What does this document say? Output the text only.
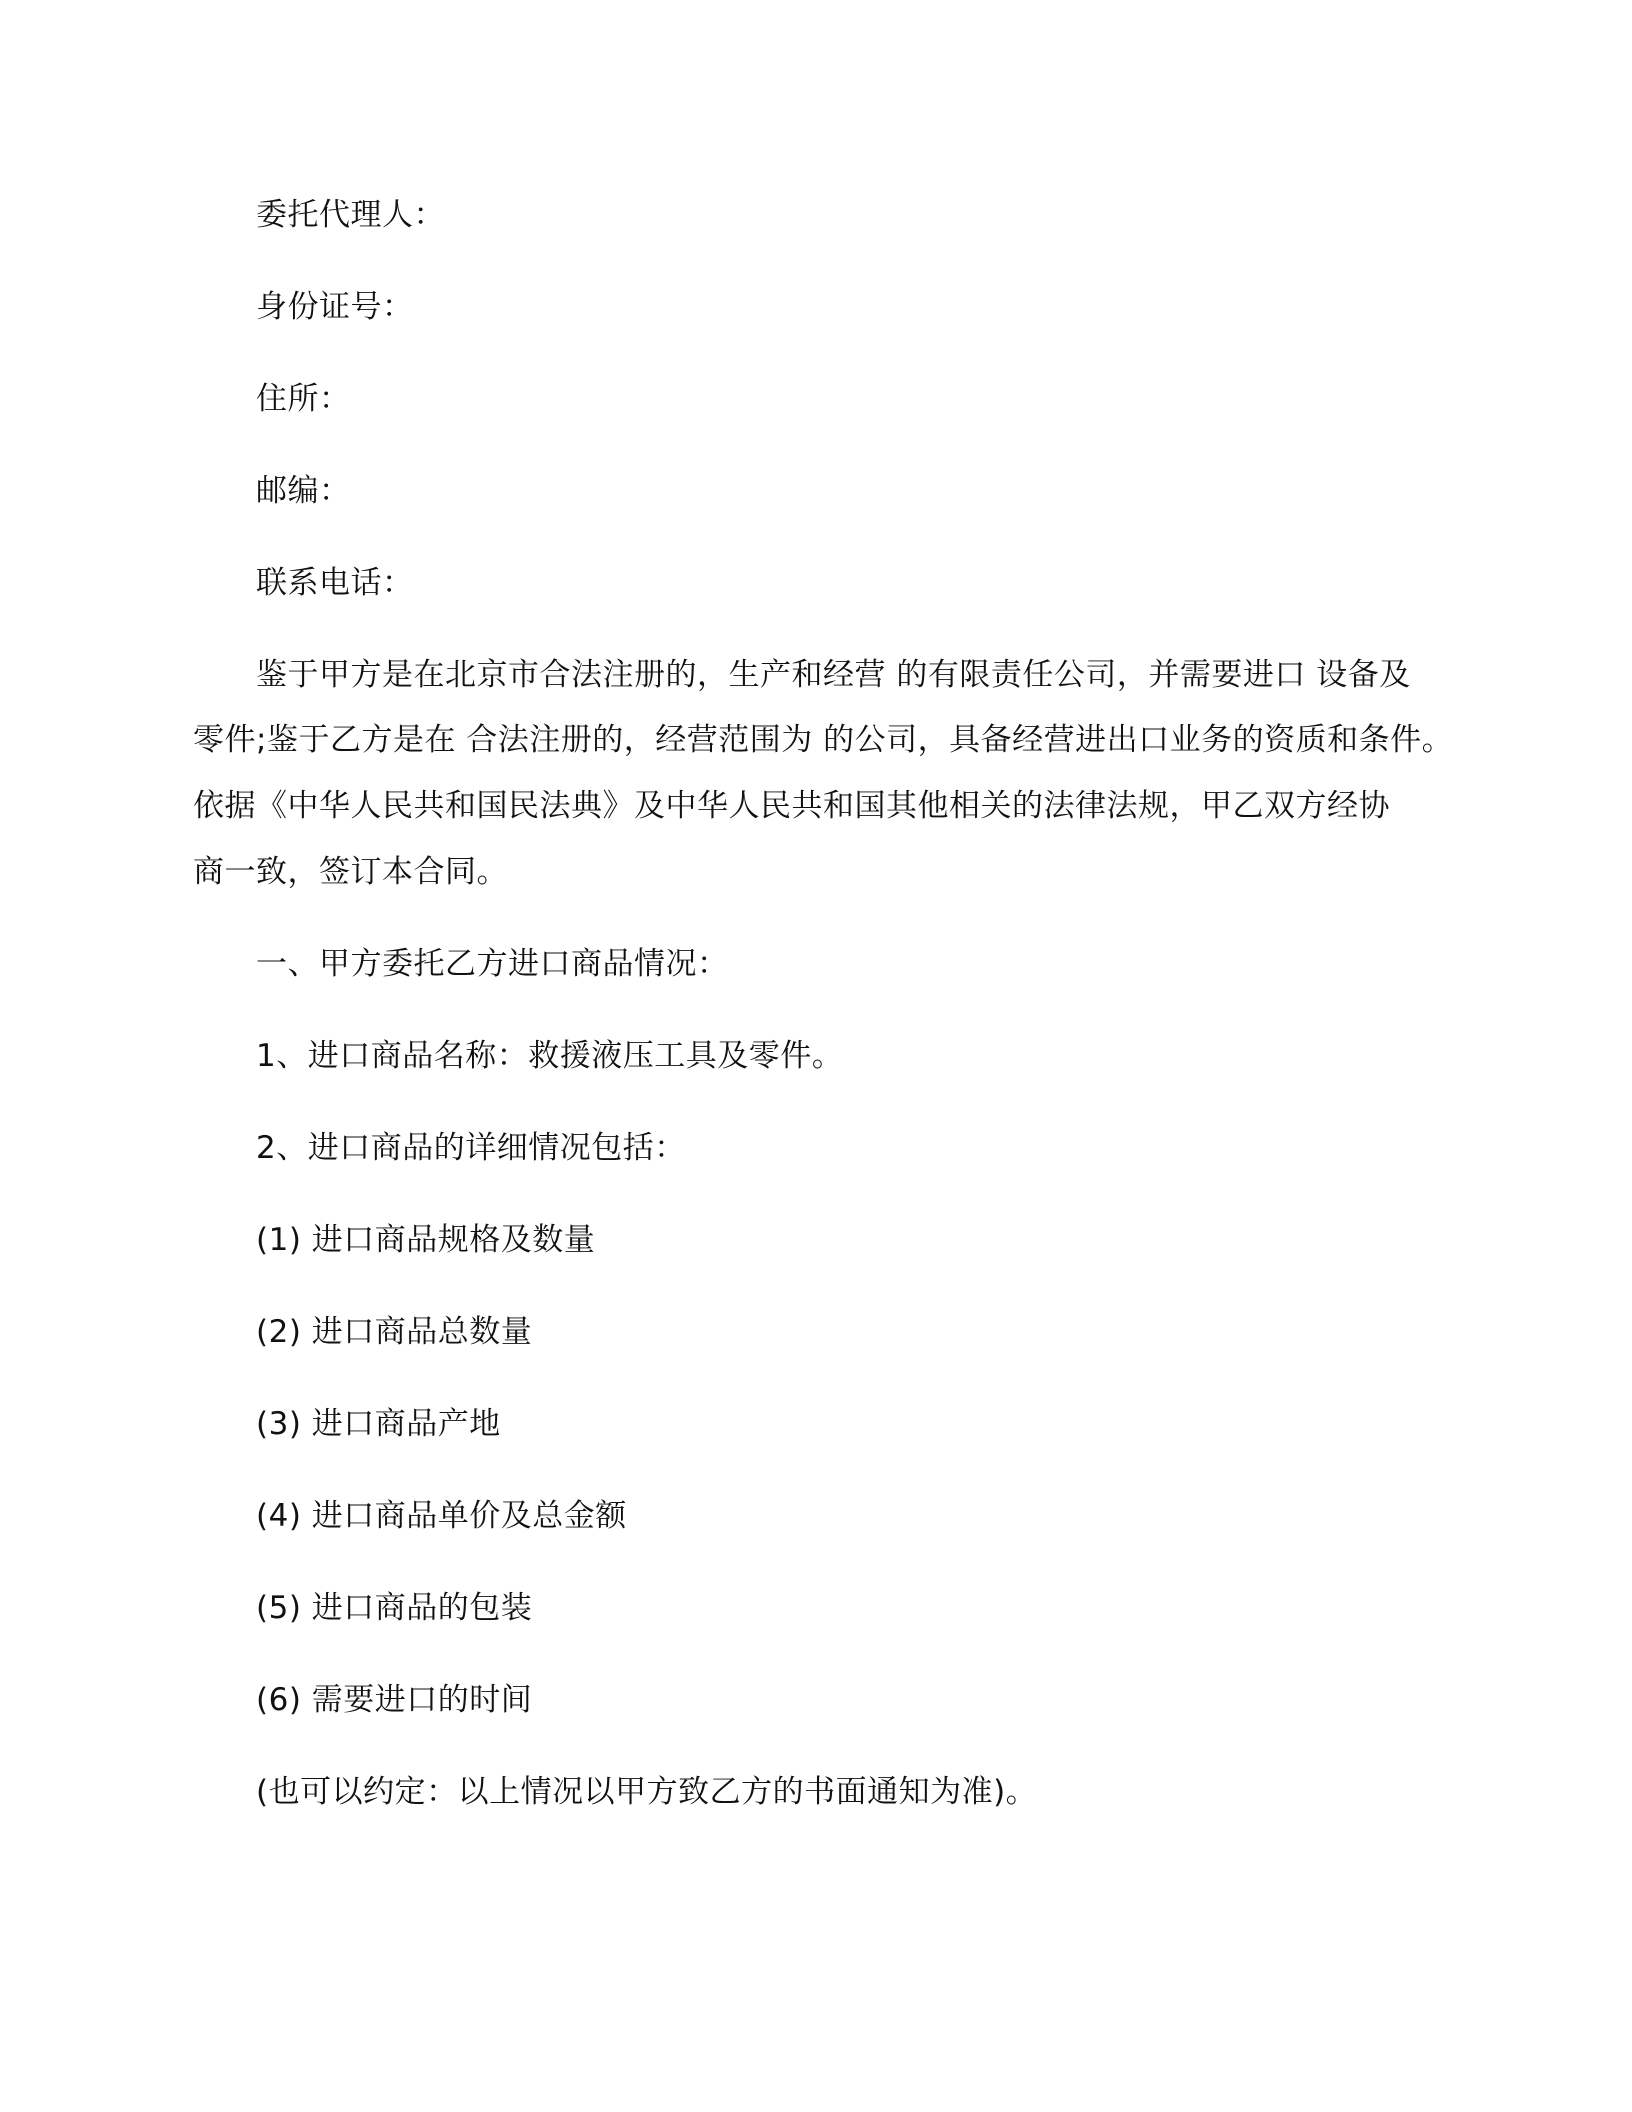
委托代理人：
身份证号：
住所：
邮编：
联系电话：
鉴于甲方是在北京市合法注册的，生产和经营 的有限责任公司，并需要进口 设备及
零件;鉴于乙方是在 合法注册的，经营范围为 的公司，具备经营进出口业务的资质和条件。
依据《中华人民共和国民法典》及中华人民共和国其他相关的法律法规，甲乙双方经协
商一致，签订本合同。
一、甲方委托乙方进口商品情况：
1、进口商品名称：救援液压工具及零件。
2、进口商品的详细情况包括：
(1) 进口商品规格及数量
(2) 进口商品总数量
(3) 进口商品产地
(4) 进口商品单价及总金额
(5) 进口商品的包装
(6) 需要进口的时间
(也可以约定：以上情况以甲方致乙方的书面通知为准)。
